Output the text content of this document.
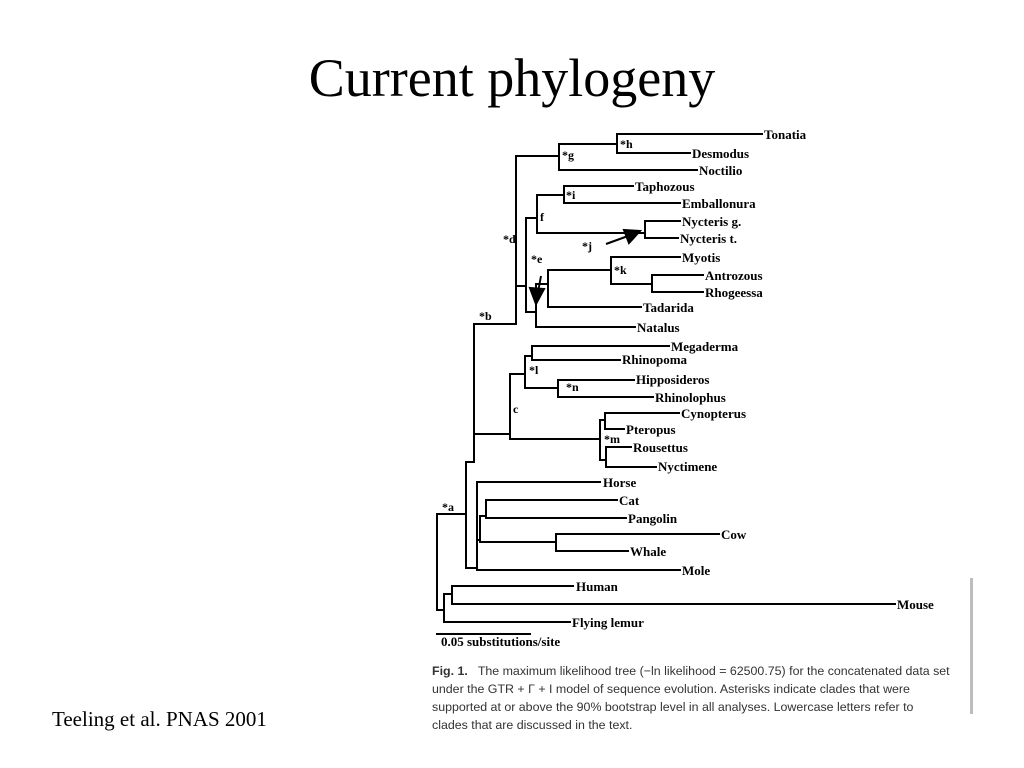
Current phylogeny
Tonatia
Desmodus
Noctilio
Taphozous
Emballonura
Nycteris g.
Nycteris t.
Myotis
Antrozous
Rhogeessa
Tadarida
Natalus
Megaderma
Rhinopoma
Hipposideros
Rhinolophus
Cynopterus
Pteropus
Rousettus
Nyctimene
Horse
Cat
Pangolin
Cow
Whale
Mole
Human
Mouse
Flying lemur
*a
*b
c
*d
*e
f
*g
*h
*i
*j
*k
*l
*m
*n
0.05 substitutions/site
Fig. 1. The maximum likelihood tree (−ln likelihood = 62500.75) for the concatenated data set under the GTR + Γ + I model of sequence evolution. Asterisks indicate clades that were supported at or above the 90% bootstrap level in all analyses. Lowercase letters refer to clades that are discussed in the text.
Teeling et al. PNAS 2001
